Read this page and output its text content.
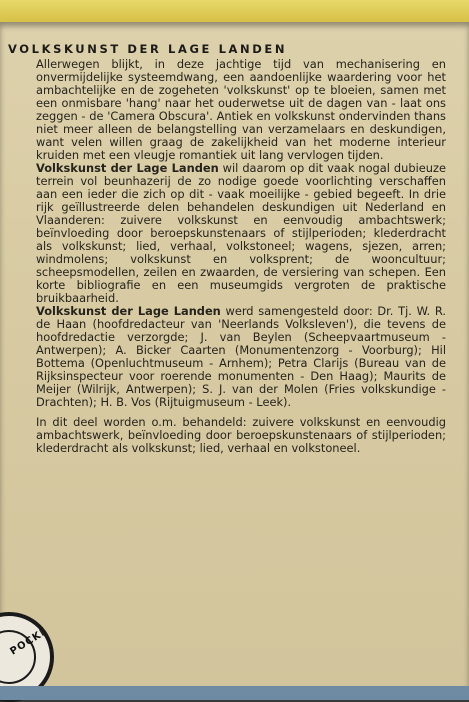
VOLKSKUNST DER LAGE LANDEN

Allerwegen blijkt, in deze jachtige tijd van mechanisering en onvermijdelijke systeemdwang, een aandoenlijke waardering voor het ambachtelijke en de zogeheten 'volkskunst' op te bloeien, samen met een onmisbare 'hang' naar het ouderwetse uit de dagen van - laat ons zeggen - de 'Camera Obscura'. Antiek en volkskunst ondervinden thans niet meer alleen de belangstelling van verzamelaars en deskundigen, want velen willen graag de zakelijkheid van het moderne interieur kruiden met een vleugje romantiek uit lang vervlogen tijden.

Volkskunst der Lage Landen wil daarom op dit vaak nogal dubieuze terrein vol beunhazerij de zo nodige goede voorlichting verschaffen aan een ieder die zich op dit - vaak moeilijke - gebied begeeft. In drie rijk geïllustreerde delen behandelen deskundigen uit Nederland en Vlaanderen: zuivere volkskunst en eenvoudig ambachtswerk; beïnvloeding door beroepskunstenaars of stijlperioden; klederdracht als volkskunst; lied, verhaal, volkstoneel; wagens, sjezen, arren; windmolens; volkskunst en volksprent; de wooncultuur; scheepsmodellen, zeilen en zwaarden, de versiering van schepen. Een korte bibliografie en een museumgids vergroten de praktische bruikbaarheid.

Volkskunst der Lage Landen werd samengesteld door: Dr. Tj. W. R. de Haan (hoofdredacteur van 'Neerlands Volksleven'), die tevens de hoofdredactie verzorgde; J. van Beylen (Scheepvaartmuseum - Antwerpen); A. Bicker Caarten (Monumentenzorg - Voorburg); Hil Bottema (Openluchtmuseum - Arnhem); Petra Clarijs (Bureau van de Rijksinspecteur voor roerende monumenten - Den Haag); Maurits de Meijer (Wilrijk, Antwerpen); S. J. van der Molen (Fries volkskundige - Drachten); H. B. Vos (Rijtuigmuseum - Leek).

In dit deel worden o.m. behandeld: zuivere volkskunst en eenvoudig ambachtswerk, beïnvloeding door beroepskunstenaars of stijlperioden; klederdracht als volkskunst; lied, verhaal en volkstoneel.

POCKE
